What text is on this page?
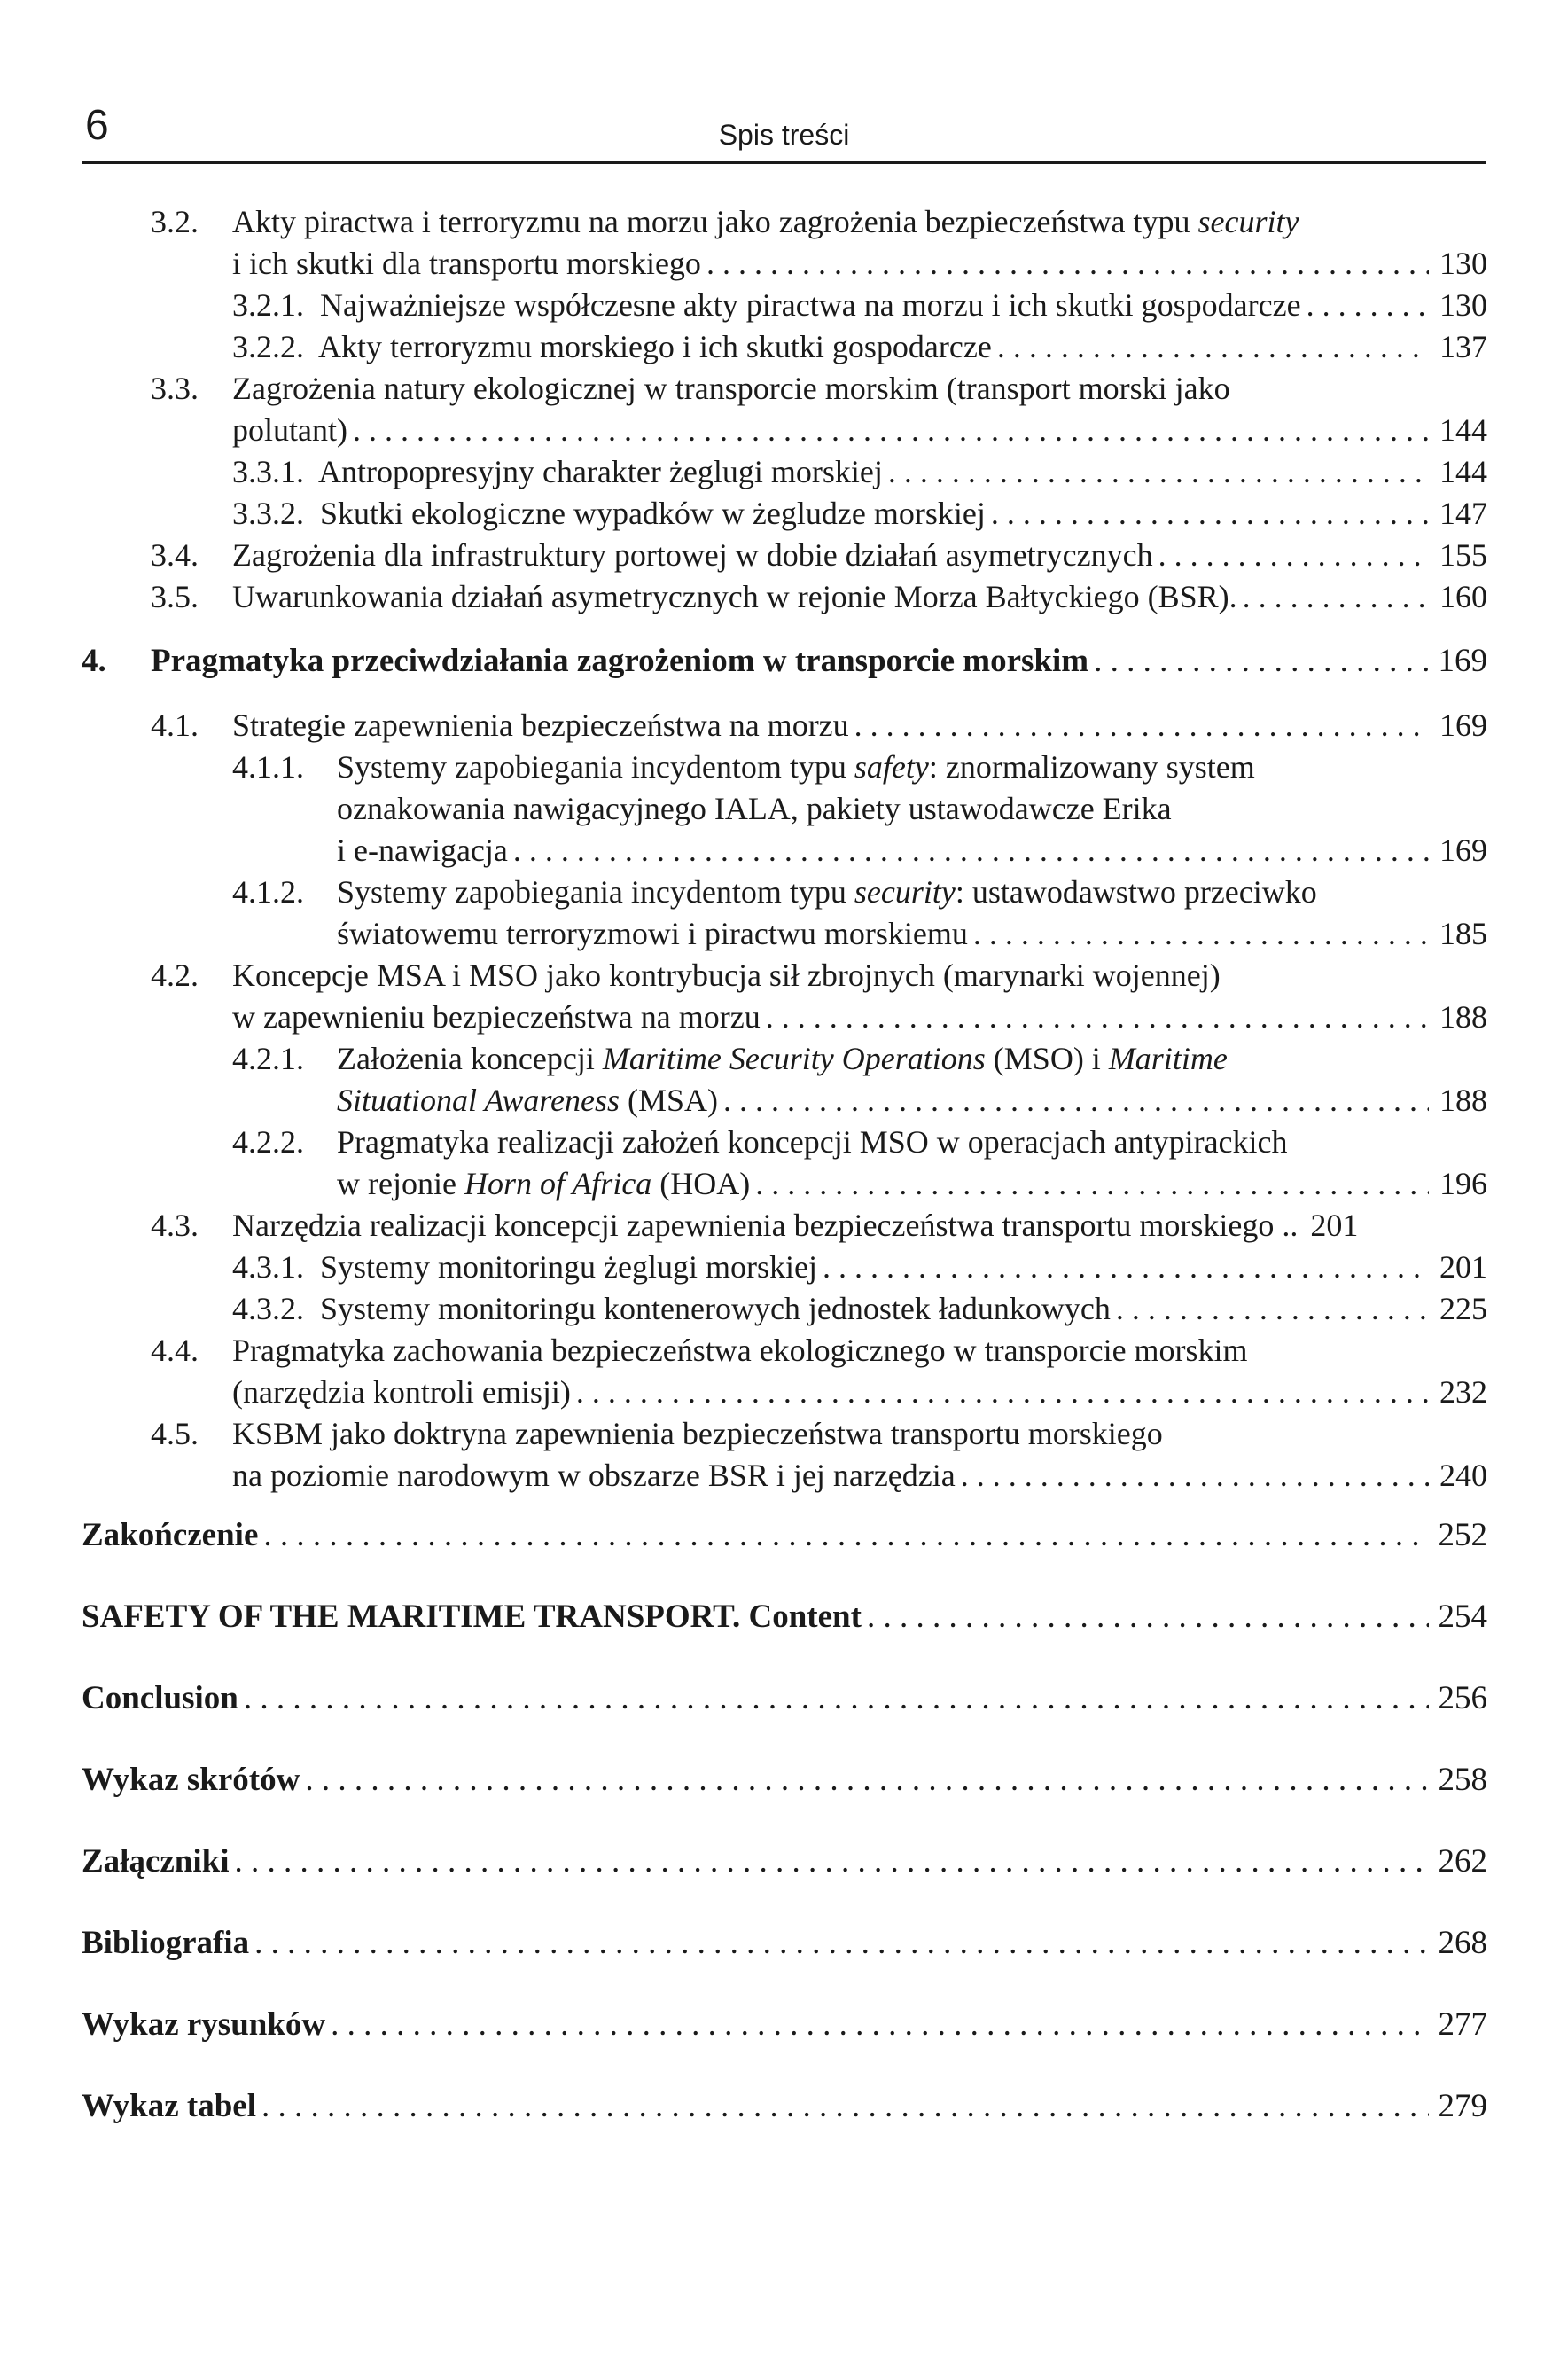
6	Spis treści
3.2. Akty piractwa i terroryzmu na morzu jako zagrożenia bezpieczeństwa typu security
i ich skutki dla transportu morskiego . . .	130
3.2.1. Najważniejsze współczesne akty piractwa na morzu i ich skutki gospodarcze . . .	130
3.2.2. Akty terroryzmu morskiego i ich skutki gospodarcze . . .	137
3.3. Zagrożenia natury ekologicznej w transporcie morskim (transport morski jako
polutant) . . .	144
3.3.1. Antropopresyjny charakter żeglugi morskiej . . .	144
3.3.2. Skutki ekologiczne wypadków w żegludze morskiej . . .	147
3.4. Zagrożenia dla infrastruktury portowej w dobie działań asymetrycznych . . .	155
3.5. Uwarunkowania działań asymetrycznych w rejonie Morza Bałtyckiego (BSR). . . .	160
4. Pragmatyka przeciwdziałania zagrożeniom w transporcie morskim . . .	169
4.1. Strategie zapewnienia bezpieczeństwa na morzu . . .	169
4.1.1. Systemy zapobiegania incydentom typu safety: znormalizowany system
oznakowania nawigacyjnego IALA, pakiety ustawodawcze Erika
i e-nawigacja . . .	169
4.1.2. Systemy zapobiegania incydentom typu security: ustawodawstwo przeciwko
światowemu terroryzmowi i piractwu morskiemu . . .	185
4.2. Koncepcje MSA i MSO jako kontrybucja sił zbrojnych (marynarki wojennej)
w zapewnieniu bezpieczeństwa na morzu . . .	188
4.2.1. Założenia koncepcji Maritime Security Operations (MSO) i Maritime
Situational Awareness (MSA) . . .	188
4.2.2. Pragmatyka realizacji założeń koncepcji MSO w operacjach antypirackich
w rejonie Horn of Africa (HOA) . . .	196
4.3. Narzędzia realizacji koncepcji zapewnienia bezpieczeństwa transportu morskiego .. 201
4.3.1. Systemy monitoringu żeglugi morskiej . . .	201
4.3.2. Systemy monitoringu kontenerowych jednostek ładunkowych . . .	225
4.4. Pragmatyka zachowania bezpieczeństwa ekologicznego w transporcie morskim
(narzędzia kontroli emisji) . . .	232
4.5. KSBM jako doktryna zapewnienia bezpieczeństwa transportu morskiego
na poziomie narodowym w obszarze BSR i jej narzędzia . . .	240
Zakończenie . . .	252
SAFETY OF THE MARITIME TRANSPORT. Content . . .	254
Conclusion . . .	256
Wykaz skrótów . . .	258
Załączniki . . .	262
Bibliografia . . .	268
Wykaz rysunków . . .	277
Wykaz tabel . . .	279
